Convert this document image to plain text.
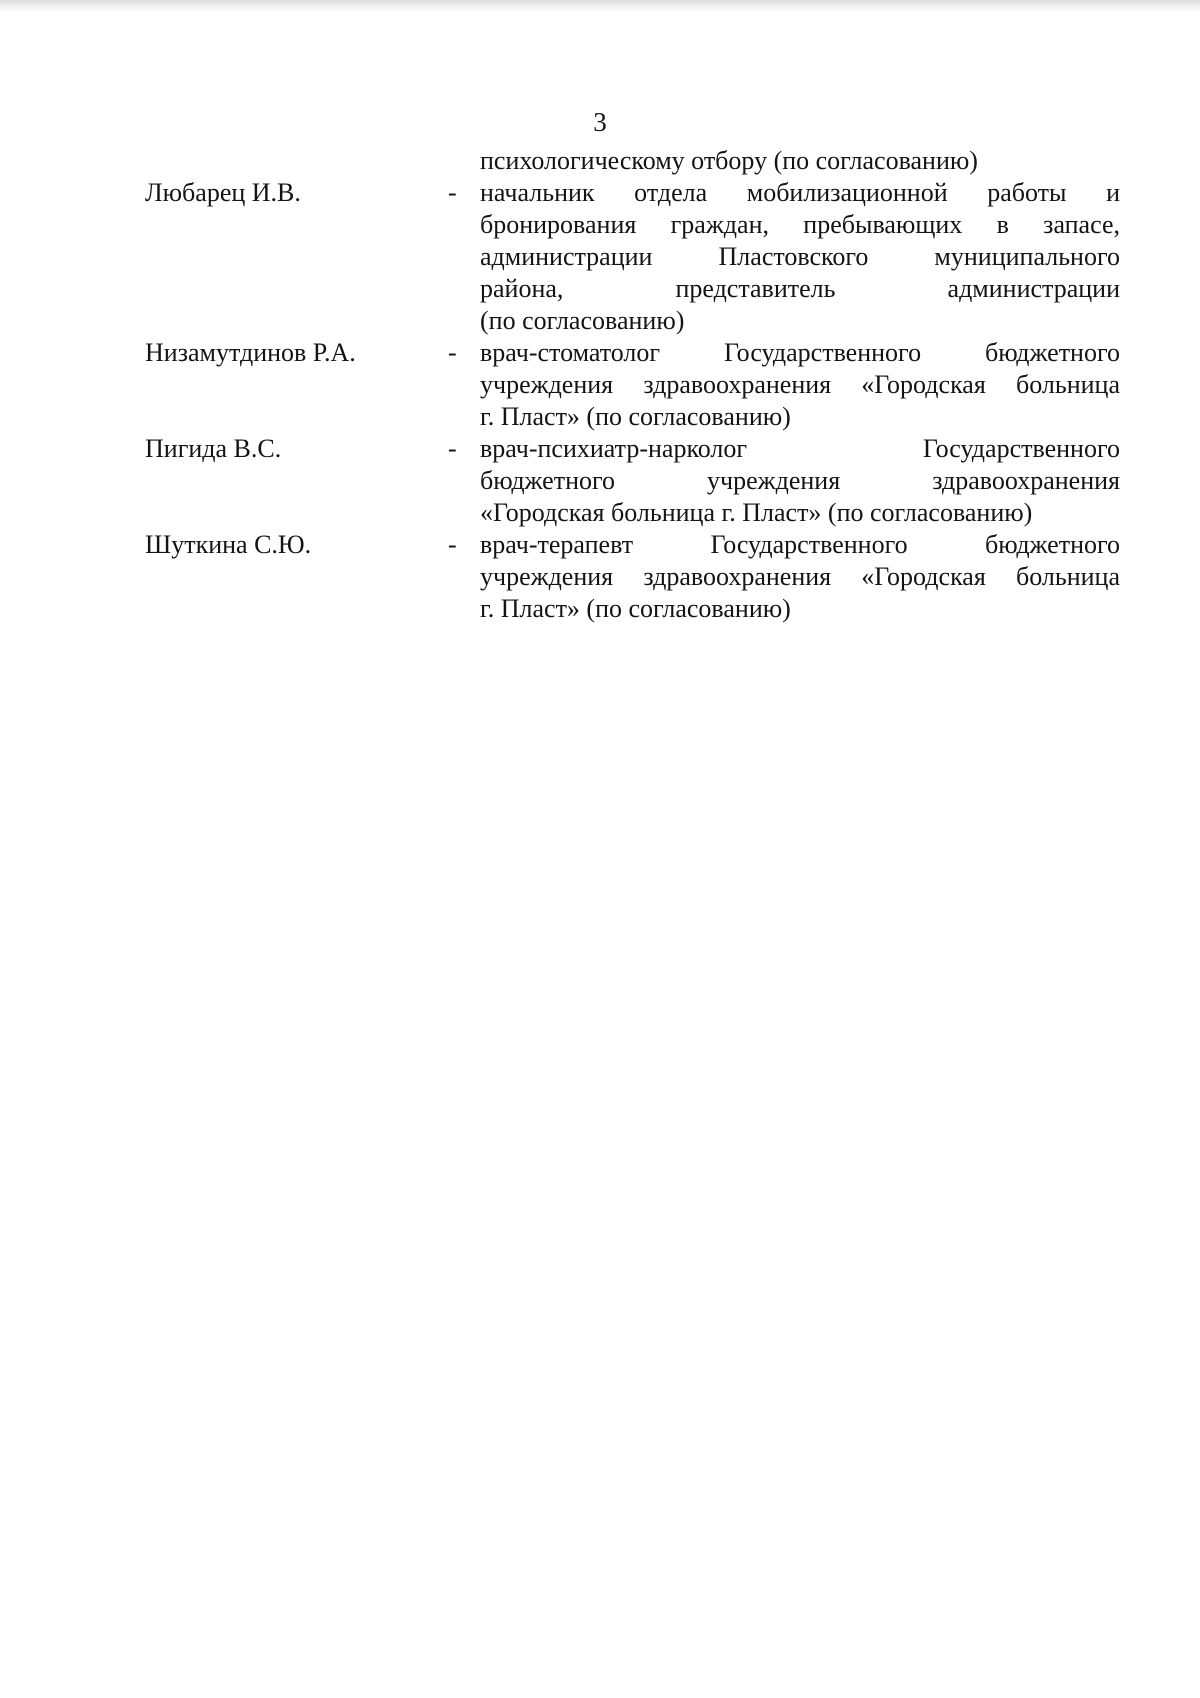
3
психологическому отбору (по согласованию)
Любарец И.В.	- начальник отдела мобилизационной работы и
бронирования граждан, пребывающих в запасе,
администрации Пластовского муниципального
района, представитель администрации
(по согласованию)
Низамутдинов Р.А.	- врач-стоматолог Государственного бюджетного
учреждения здравоохранения «Городская больница
г. Пласт» (по согласованию)
Пигида В.С.	- врач-психиатр-нарколог Государственного
бюджетного учреждения здравоохранения
«Городская больница г. Пласт» (по согласованию)
Шуткина С.Ю.	- врач-терапевт Государственного бюджетного
учреждения здравоохранения «Городская больница
г. Пласт» (по согласованию)
